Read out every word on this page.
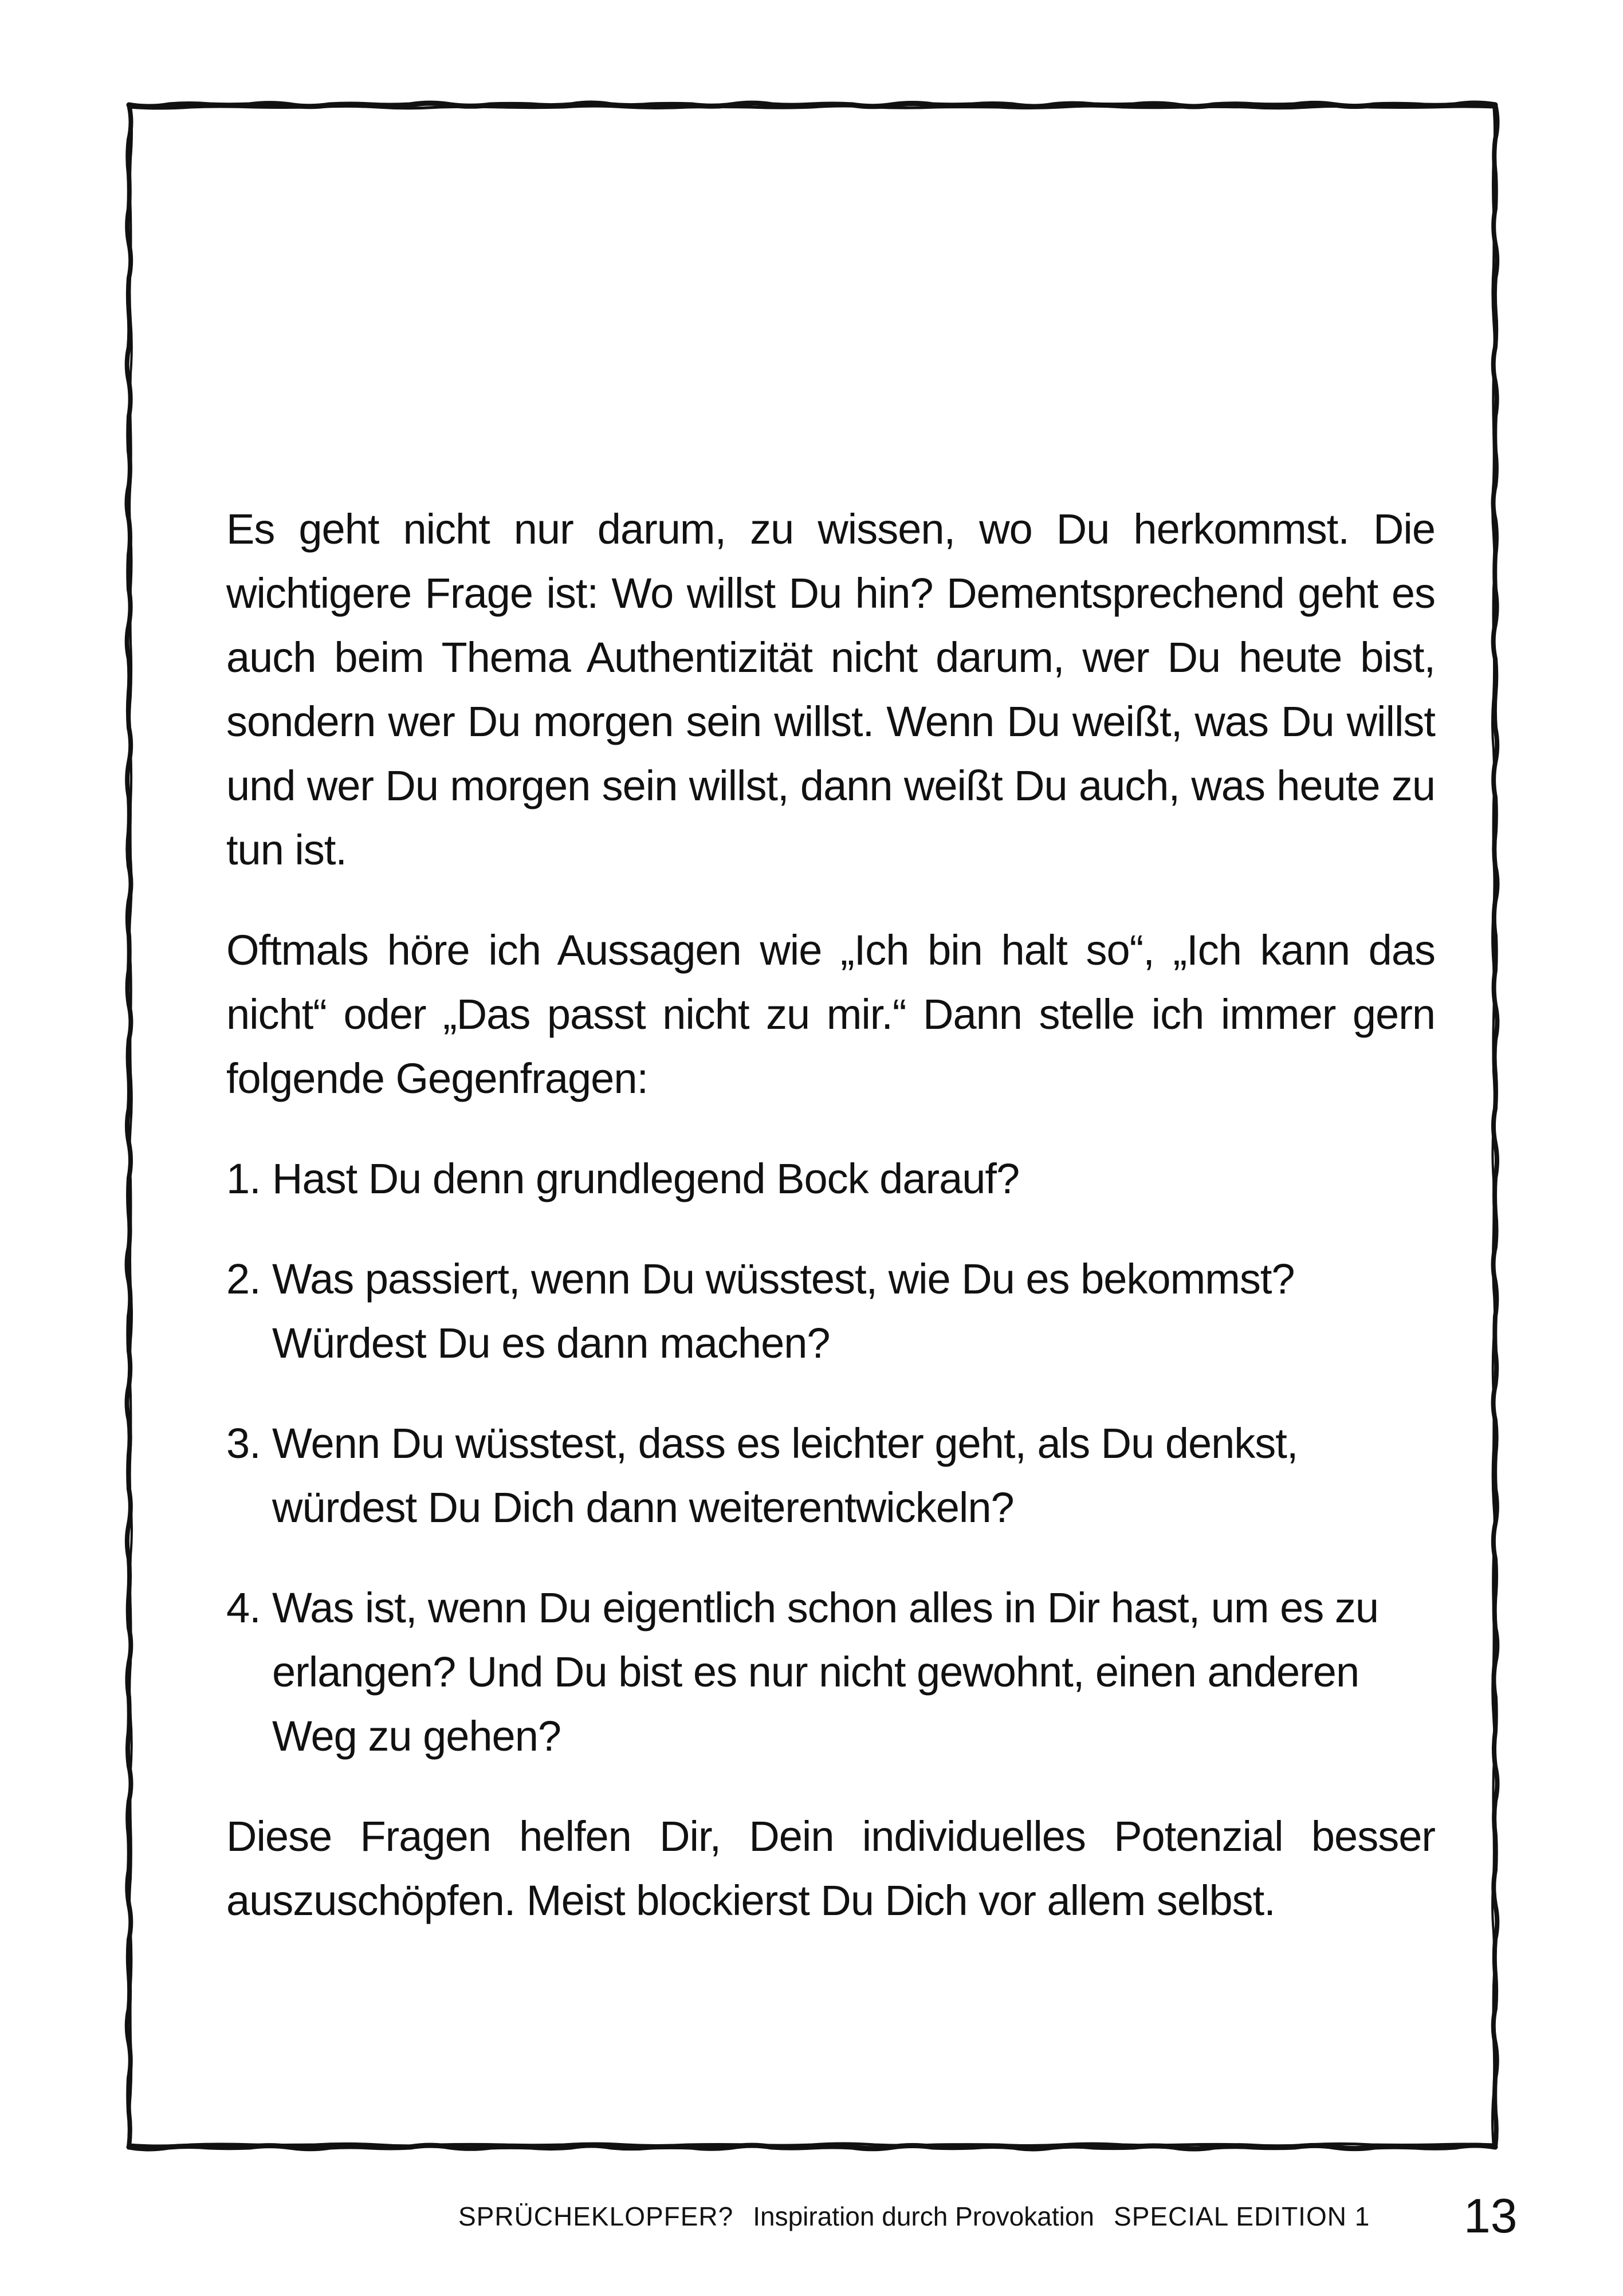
Es geht nicht nur darum, zu wissen, wo Du herkommst. Die wichtigere Frage ist: Wo willst Du hin? Dementsprechend geht es auch beim Thema Authentizität nicht darum, wer Du heute bist, sondern wer Du morgen sein willst. Wenn Du weißt, was Du willst und wer Du morgen sein willst, dann weißt Du auch, was heute zu tun ist.

Oftmals höre ich Aussagen wie „Ich bin halt so“, „Ich kann das nicht“ oder „Das passt nicht zu mir.“ Dann stelle ich immer gern folgende Gegenfragen:

1. Hast Du denn grundlegend Bock darauf?
2. Was passiert, wenn Du wüsstest, wie Du es bekommst? Würdest Du es dann machen?
3. Wenn Du wüsstest, dass es leichter geht, als Du denkst, würdest Du Dich dann weiterentwickeln?
4. Was ist, wenn Du eigentlich schon alles in Dir hast, um es zu erlangen? Und Du bist es nur nicht gewohnt, einen anderen Weg zu gehen?

Diese Fragen helfen Dir, Dein individuelles Potenzial besser auszuschöpfen. Meist blockierst Du Dich vor allem selbst.

SPRÜCHEKLOPFER? Inspiration durch Provokation SPECIAL EDITION 1	13
